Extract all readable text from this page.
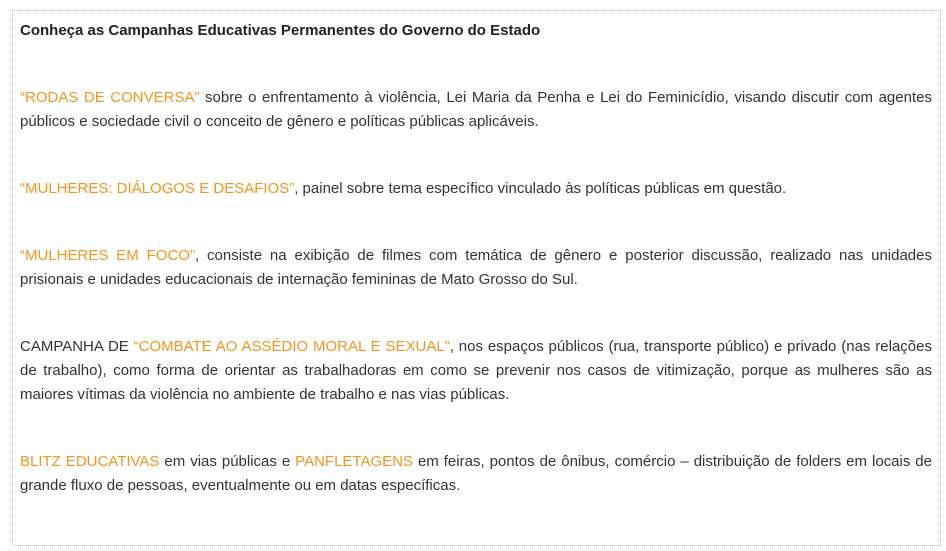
Conheça as Campanhas Educativas Permanentes do Governo do Estado

“RODAS DE CONVERSA” sobre o enfrentamento à violência, Lei Maria da Penha e Lei do Feminicídio, visando discutir com agentes públicos e sociedade civil o conceito de gênero e políticas públicas aplicáveis.

“MULHERES: DIÁLOGOS E DESAFIOS”, painel sobre tema específico vinculado às políticas públicas em questão.

“MULHERES EM FOCO”, consiste na exibição de filmes com temática de gênero e posterior discussão, realizado nas unidades prisionais e unidades educacionais de internação femininas de Mato Grosso do Sul.

CAMPANHA DE “COMBATE AO ASSÉDIO MORAL E SEXUAL”, nos espaços públicos (rua, transporte público) e privado (nas relações de trabalho), como forma de orientar as trabalhadoras em como se prevenir nos casos de vitimização, porque as mulheres são as maiores vítimas da violência no ambiente de trabalho e nas vias públicas.

BLITZ EDUCATIVAS em vias públicas e PANFLETAGENS em feiras, pontos de ônibus, comércio – distribuição de folders em locais de grande fluxo de pessoas, eventualmente ou em datas específicas.
